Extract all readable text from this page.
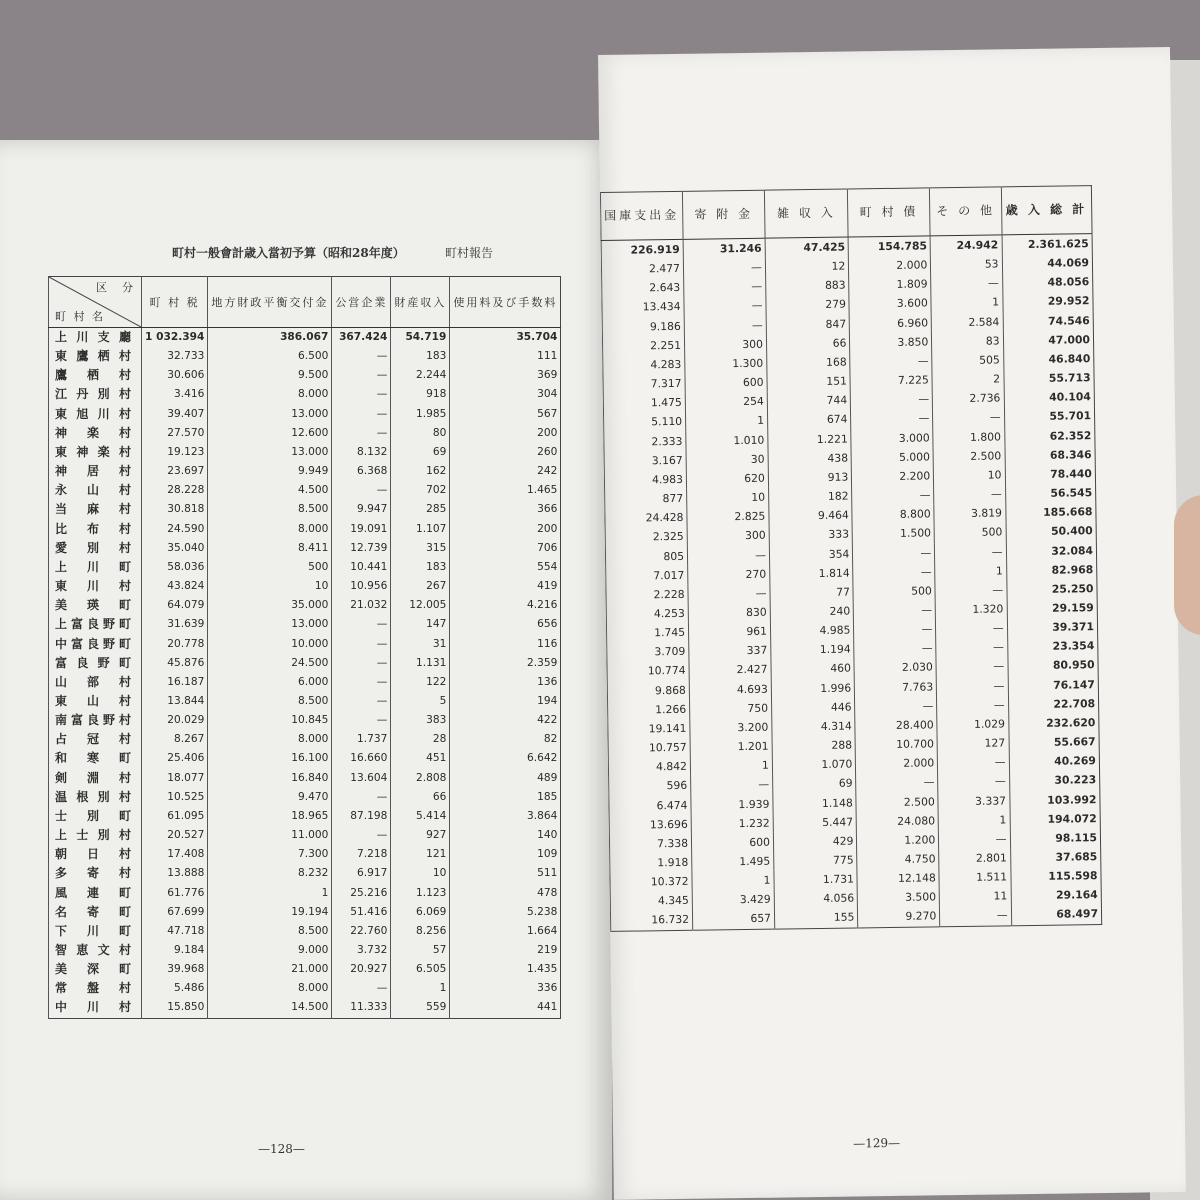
町村一般會計歳入當初予算（昭和28年度）	町村報告
区　分
町 村 名	町 村 税	地方財政平衡交付金	公営企業	財産収入	使用料及び手数料
上川支廳	1 032.394	386.067	367.424	54.719	35.704
東鷹栖村	32.733	6.500	—	183	111
鷹栖村	30.606	9.500	—	2.244	369
江丹別村	3.416	8.000	—	918	304
東旭川村	39.407	13.000	—	1.985	567
神楽村	27.570	12.600	—	80	200
東神楽村	19.123	13.000	8.132	69	260
神居村	23.697	9.949	6.368	162	242
永山村	28.228	4.500	—	702	1.465
当麻村	30.818	8.500	9.947	285	366
比布村	24.590	8.000	19.091	1.107	200
愛別村	35.040	8.411	12.739	315	706
上川町	58.036	500	10.441	183	554
東川村	43.824	10	10.956	267	419
美瑛町	64.079	35.000	21.032	12.005	4.216
上富良野町	31.639	13.000	—	147	656
中富良野町	20.778	10.000	—	31	116
富良野町	45.876	24.500	—	1.131	2.359
山部村	16.187	6.000	—	122	136
東山村	13.844	8.500	—	5	194
南富良野村	20.029	10.845	—	383	422
占冠村	8.267	8.000	1.737	28	82
和寒町	25.406	16.100	16.660	451	6.642
剣淵村	18.077	16.840	13.604	2.808	489
温根別村	10.525	9.470	—	66	185
士別町	61.095	18.965	87.198	5.414	3.864
上士別村	20.527	11.000	—	927	140
朝日村	17.408	7.300	7.218	121	109
多寄村	13.888	8.232	6.917	10	511
風連町	61.776	1	25.216	1.123	478
名寄町	67.699	19.194	51.416	6.069	5.238
下川町	47.718	8.500	22.760	8.256	1.664
智恵文村	9.184	9.000	3.732	57	219
美深町	39.968	21.000	20.927	6.505	1.435
常盤村	5.486	8.000	—	1	336
中川村	15.850	14.500	11.333	559	441
—128—
国庫支出金	寄 附 金	雑 収 入	町 村 債	そ の 他	歳 入 総 計
226.919	31.246	47.425	154.785	24.942	2.361.625
2.477	—	12	2.000	53	44.069
2.643	—	883	1.809	—	48.056
13.434	—	279	3.600	1	29.952
9.186	—	847	6.960	2.584	74.546
2.251	300	66	3.850	83	47.000
4.283	1.300	168	—	505	46.840
7.317	600	151	7.225	2	55.713
1.475	254	744	—	2.736	40.104
5.110	1	674	—	—	55.701
2.333	1.010	1.221	3.000	1.800	62.352
3.167	30	438	5.000	2.500	68.346
4.983	620	913	2.200	10	78.440
877	10	182	—	—	56.545
24.428	2.825	9.464	8.800	3.819	185.668
2.325	300	333	1.500	500	50.400
805	—	354	—	—	32.084
7.017	270	1.814	—	1	82.968
2.228	—	77	500	—	25.250
4.253	830	240	—	1.320	29.159
1.745	961	4.985	—	—	39.371
3.709	337	1.194	—	—	23.354
10.774	2.427	460	2.030	—	80.950
9.868	4.693	1.996	7.763	—	76.147
1.266	750	446	—	—	22.708
19.141	3.200	4.314	28.400	1.029	232.620
10.757	1.201	288	10.700	127	55.667
4.842	1	1.070	2.000	—	40.269
596	—	69	—	—	30.223
6.474	1.939	1.148	2.500	3.337	103.992
13.696	1.232	5.447	24.080	1	194.072
7.338	600	429	1.200	—	98.115
1.918	1.495	775	4.750	2.801	37.685
10.372	1	1.731	12.148	1.511	115.598
4.345	3.429	4.056	3.500	11	29.164
16.732	657	155	9.270	—	68.497
—129—
